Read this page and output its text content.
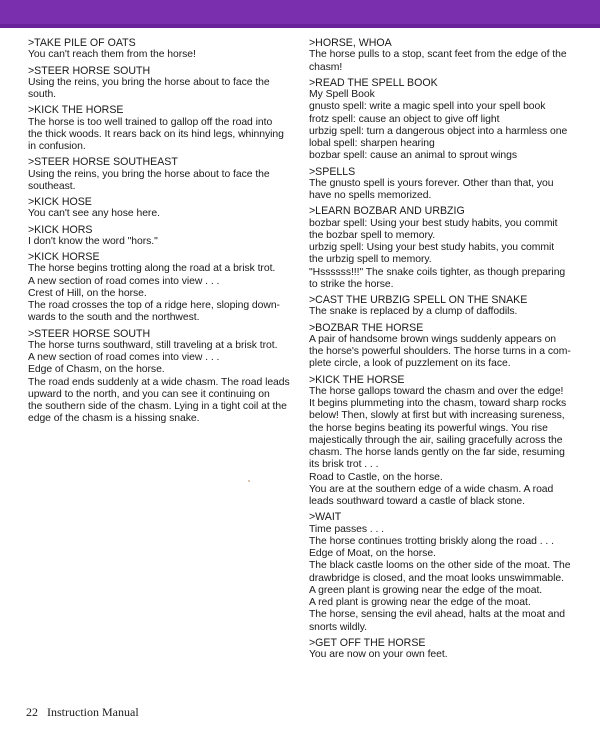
>TAKE PILE OF OATS
You can't reach them from the horse!
>STEER HORSE SOUTH
Using the reins, you bring the horse about to face the
south.
>KICK THE HORSE
The horse is too well trained to gallop off the road into
the thick woods. It rears back on its hind legs, whinnying
in confusion.
>STEER HORSE SOUTHEAST
Using the reins, you bring the horse about to face the
southeast.
>KICK HOSE
You can't see any hose here.
>KICK HORS
I don't know the word "hors."
>KICK HORSE
The horse begins trotting along the road at a brisk trot.
A new section of road comes into view . . .
Crest of Hill, on the horse.
The road crosses the top of a ridge here, sloping down-
wards to the south and the northwest.
>STEER HORSE SOUTH
The horse turns southward, still traveling at a brisk trot.
A new section of road comes into view . . .
Edge of Chasm, on the horse.
The road ends suddenly at a wide chasm. The road leads
upward to the north, and you can see it continuing on
the southern side of the chasm. Lying in a tight coil at the
edge of the chasm is a hissing snake.
>HORSE, WHOA
The horse pulls to a stop, scant feet from the edge of the
chasm!
>READ THE SPELL BOOK
My Spell Book
gnusto spell: write a magic spell into your spell book
frotz spell: cause an object to give off light
urbzig spell: turn a dangerous object into a harmless one
lobal spell: sharpen hearing
bozbar spell: cause an animal to sprout wings
>SPELLS
The gnusto spell is yours forever. Other than that, you
have no spells memorized.
>LEARN BOZBAR AND URBZIG
bozbar spell: Using your best study habits, you commit
the bozbar spell to memory.
urbzig spell: Using your best study habits, you commit
the urbzig spell to memory.
"Hssssss!!!" The snake coils tighter, as though preparing
to strike the horse.
>CAST THE URBZIG SPELL ON THE SNAKE
The snake is replaced by a clump of daffodils.
>BOZBAR THE HORSE
A pair of handsome brown wings suddenly appears on
the horse's powerful shoulders. The horse turns in a com-
plete circle, a look of puzzlement on its face.
>KICK THE HORSE
The horse gallops toward the chasm and over the edge!
It begins plummeting into the chasm, toward sharp rocks
below! Then, slowly at first but with increasing sureness,
the horse begins beating its powerful wings. You rise
majestically through the air, sailing gracefully across the
chasm. The horse lands gently on the far side, resuming
its brisk trot . . .
Road to Castle, on the horse.
You are at the southern edge of a wide chasm. A road
leads southward toward a castle of black stone.
>WAIT
Time passes . . .
The horse continues trotting briskly along the road . . .
Edge of Moat, on the horse.
The black castle looms on the other side of the moat. The
drawbridge is closed, and the moat looks unswimmable.
A green plant is growing near the edge of the moat.
A red plant is growing near the edge of the moat.
The horse, sensing the evil ahead, halts at the moat and
snorts wildly.
>GET OFF THE HORSE
You are now on your own feet.
22 Instruction Manual
